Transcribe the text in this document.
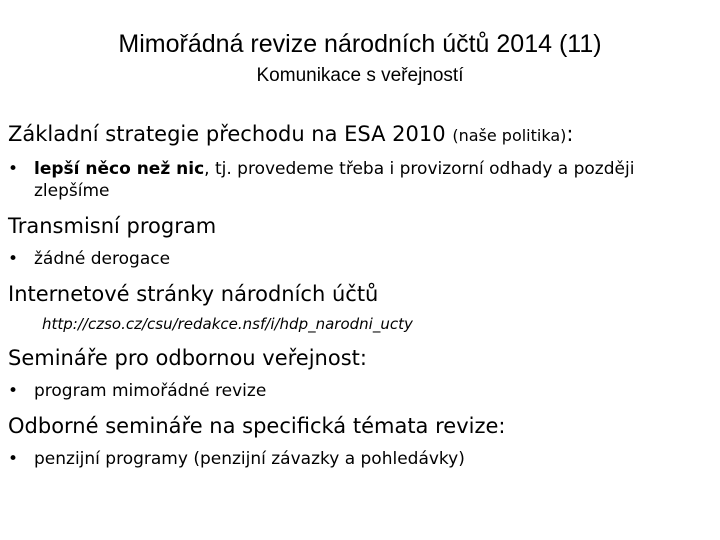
Mimořádná revize národních účtů 2014 (11)
Komunikace s veřejností

Základní strategie přechodu na ESA 2010 (naše politika):

• lepší něco než nic, tj. provedeme třeba i provizorní odhady a později zlepšíme

Transmisní program

• žádné derogace

Internetové stránky národních účtů

http://czso.cz/csu/redakce.nsf/i/hdp_narodni_ucty

Semináře pro odbornou veřejnost:

• program mimořádné revize

Odborné semináře na specifická témata revize:

• penzijní programy (penzijní závazky a pohledávky)
